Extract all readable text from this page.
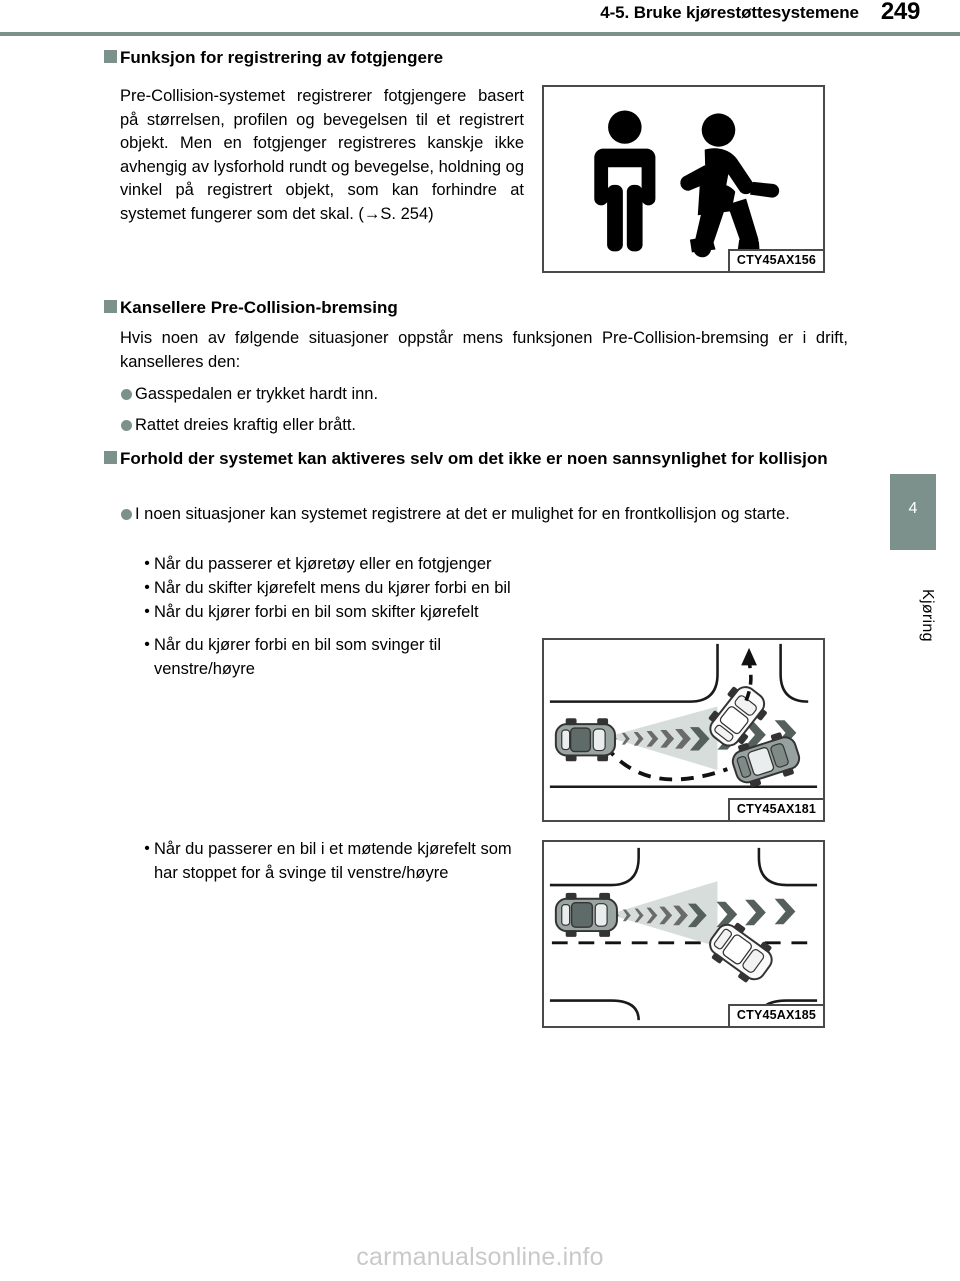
4-5. Bruke kjørestøttesystemene 249
4
Kjøring
Funksjon for registrering av fotgjengere
Pre-Collision-systemet registrerer fotgjengere basert på størrelsen, profilen og bevegelsen til et registrert objekt. Men en fotgjenger registreres kanskje ikke avhengig av lysforhold rundt og bevegelse, holdning og vinkel på registrert objekt, som kan forhindre at systemet fungerer som det skal. (→S. 254)
CTY45AX156
Kansellere Pre-Collision-bremsing
Hvis noen av følgende situasjoner oppstår mens funksjonen Pre-Collision-bremsing er i drift, kanselleres den:
Gasspedalen er trykket hardt inn.
Rattet dreies kraftig eller brått.
Forhold der systemet kan aktiveres selv om det ikke er noen sannsynlighet for kollisjon
I noen situasjoner kan systemet registrere at det er mulighet for en frontkollisjon og starte.
• Når du passerer et kjøretøy eller en fotgjenger
• Når du skifter kjørefelt mens du kjører forbi en bil
• Når du kjører forbi en bil som skifter kjørefelt
• Når du kjører forbi en bil som svinger til venstre/høyre
CTY45AX181
• Når du passerer en bil i et møtende kjørefelt som har stoppet for å svinge til venstre/høyre
CTY45AX185
carmanualsonline.info
